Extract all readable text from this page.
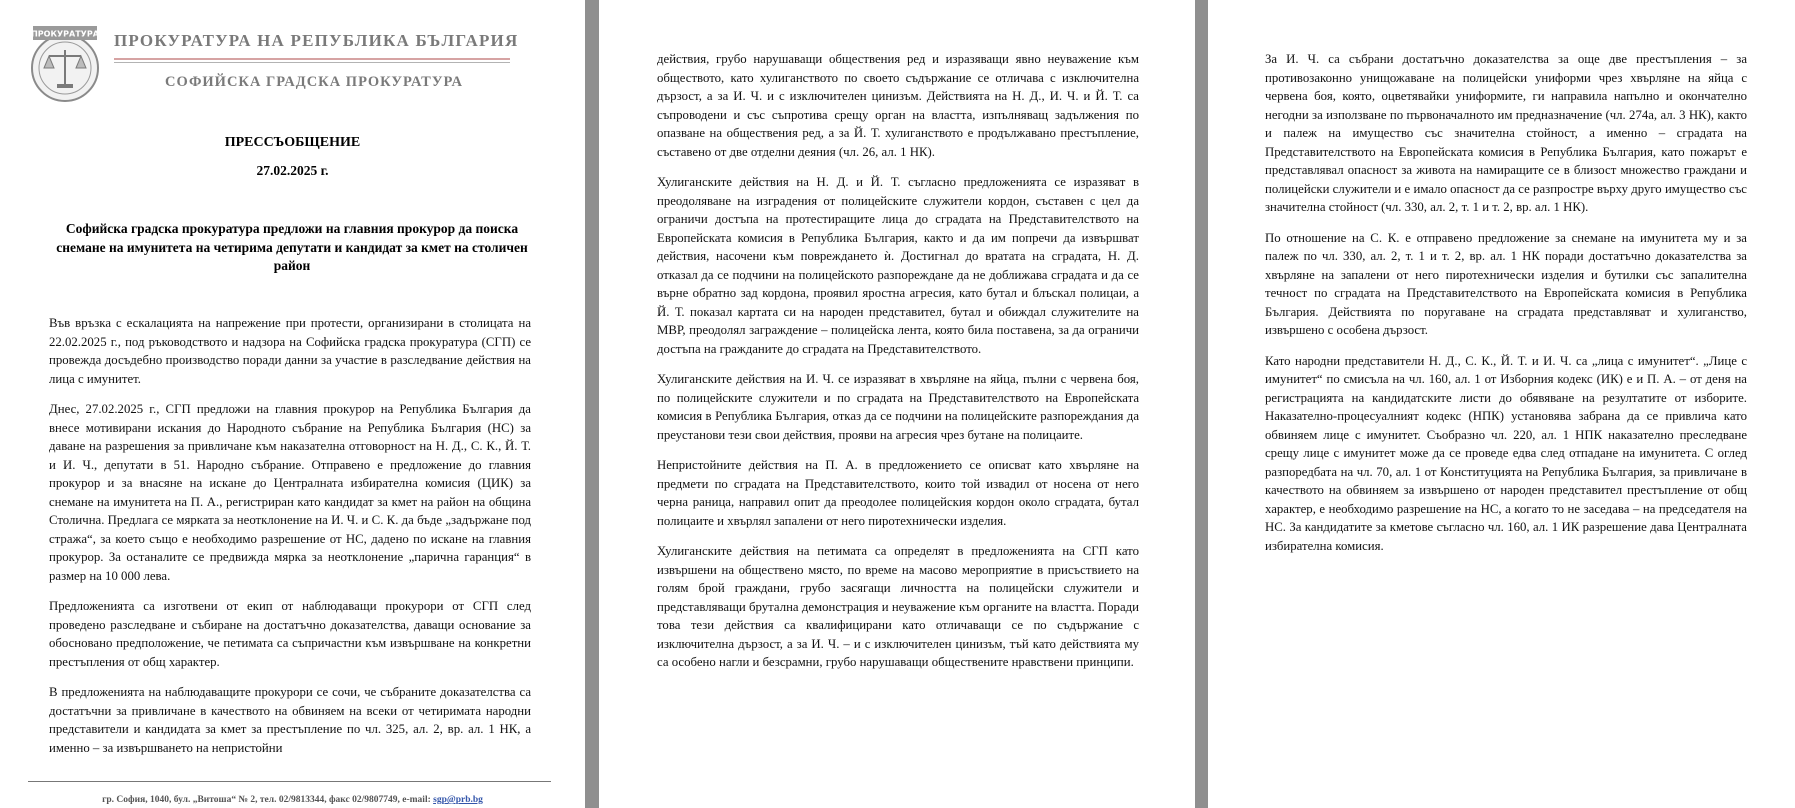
ПРОКУРАТУРА ПРОКУРАТУРА НА РЕПУБЛИКА БЪЛГАРИЯ
СОФИЙСКА ГРАДСКА ПРОКУРАТУРА
ПРЕССЪОБЩЕНИЕ
27.02.2025 г.
Софийска градска прокуратура предложи на главния прокурор да поиска снемане на имунитета на четирима депутати и кандидат за кмет на столичен район

Във връзка с ескалацията на напрежение при протести, организирани в столицата на 22.02.2025 г., под ръководството и надзора на Софийска градска прокуратура (СГП) се провежда досъдебно производство поради данни за участие в разследвание действия на лица с имунитет.

Днес, 27.02.2025 г., СГП предложи на главния прокурор на Република България да внесе мотивирани искания до Народното събрание на Република България (НС) за даване на разрешения за привличане към наказателна отговорност на Н. Д., С. К., Й. Т. и И. Ч., депутати в 51. Народно събрание. Отправено е предложение до главния прокурор и за внасяне на искане до Централната избирателна комисия (ЦИК) за снемане на имунитета на П. А., регистриран като кандидат за кмет на район на община Столична. Предлага се мярката за неотклонение на И. Ч. и С. К. да бъде „задържане под стража“, за което също е необходимо разрешение от НС, дадено по искане на главния прокурор. За останалите се предвижда мярка за неотклонение „парична гаранция“ в размер на 10 000 лева.

Предложенията са изготвени от екип от наблюдаващи прокурори от СГП след проведено разследване и събиране на достатъчно доказателства, даващи основание за обосновано предположение, че петимата са съпричастни към извършване на конкретни престъпления от общ характер.

В предложенията на наблюдаващите прокурори се сочи, че събраните доказателства са достатъчни за привличане в качеството на обвиняем на всеки от четиримата народни представители и кандидата за кмет за престъпление по чл. 325, ал. 2, вр. ал. 1 НК, а именно – за извършването на непристойни

гр. София, 1040, бул. „Витоша“ № 2, тел. 02/9813344, факс 02/9807749, e-mail: sgp@prb.bg

действия, грубо нарушаващи обществения ред и изразяващи явно неуважение към обществото, като хулиганството по своето съдържание се отличава с изключителна дързост, а за И. Ч. и с изключителен цинизъм. Действията на Н. Д., И. Ч. и Й. Т. са съпроводени и със съпротива срещу орган на властта, изпълняващ задължения по опазване на обществения ред, а за Й. Т. хулиганството е продължавано престъпление, съставено от две отделни деяния (чл. 26, ал. 1 НК).

Хулиганските действия на Н. Д. и Й. Т. съгласно предложенията се изразяват в преодоляване на изградения от полицейските служители кордон, съставен с цел да ограничи достъпа на протестиращите лица до сградата на Представителството на Европейската комисия в Република България, както и да им попречи да извършват действия, насочени към повреждането ѝ. Достигнал до вратата на сградата, Н. Д. отказал да се подчини на полицейското разпореждане да не доближава сградата и да се върне обратно зад кордона, проявил яростна агресия, като бутал и блъскал полицаи, а Й. Т. показал картата си на народен представител, бутал и обиждал служителите на МВР, преодолял заграждение – полицейска лента, която била поставена, за да ограничи достъпа на гражданите до сградата на Представителството.

Хулиганските действия на И. Ч. се изразяват в хвърляне на яйца, пълни с червена боя, по полицейските служители и по сградата на Представителството на Европейската комисия в Република България, отказ да се подчини на полицейските разпореждания да преустанови тези свои действия, прояви на агресия чрез бутане на полицаите.

Непристойните действия на П. А. в предложението се описват като хвърляне на предмети по сградата на Представителството, които той извадил от носена от него черна раница, направил опит да преодолее полицейския кордон около сградата, бутал полицаите и хвърлял запалени от него пиротехнически изделия.

Хулиганските действия на петимата са определят в предложенията на СГП като извършени на обществено място, по време на масово мероприятие в присъствието на голям брой граждани, грубо засягащи личността на полицейски служители и представляващи брутална демонстрация и неуважение към органите на властта. Поради това тези действия са квалифицирани като отличаващи се по съдържание с изключителна дързост, а за И. Ч. – и с изключителен цинизъм, тъй като действията му са особено нагли и безсрамни, грубо нарушаващи обществените нравствени принципи.

За И. Ч. са събрани достатъчно доказателства за още две престъпления – за противозаконно унищожаване на полицейски униформи чрез хвърляне на яйца с червена боя, която, оцветявайки униформите, ги направила напълно и окончателно негодни за използване по първоначалното им предназначение (чл. 274а, ал. 3 НК), както и палеж на имущество със значителна стойност, а именно – сградата на Представителството на Европейската комисия в Република България, като пожарът е представлявал опасност за живота на намиращите се в близост множество граждани и полицейски служители и е имало опасност да се разпростре върху друго имущество със значителна стойност (чл. 330, ал. 2, т. 1 и т. 2, вр. ал. 1 НК).

По отношение на С. К. е отправено предложение за снемане на имунитета му и за палеж по чл. 330, ал. 2, т. 1 и т. 2, вр. ал. 1 НК поради достатъчно доказателства за хвърляне на запалени от него пиротехнически изделия и бутилки със запалителна течност по сградата на Представителството на Европейската комисия в Република България. Действията по поругаване на сградата представляват и хулиганство, извършено с особена дързост.

Като народни представители Н. Д., С. К., Й. Т. и И. Ч. са „лица с имунитет“. „Лице с имунитет“ по смисъла на чл. 160, ал. 1 от Изборния кодекс (ИК) е и П. А. – от деня на регистрацията на кандидатските листи до обявяване на резултатите от изборите. Наказателно-процесуалният кодекс (НПК) установява забрана да се привлича като обвиняем лице с имунитет. Съобразно чл. 220, ал. 1 НПК наказателно преследване срещу лице с имунитет може да се проведе едва след отпадане на имунитета. С оглед разпоредбата на чл. 70, ал. 1 от Конституцията на Република България, за привличане в качеството на обвиняем за извършено от народен представител престъпление от общ характер, е необходимо разрешение на НС, а когато то не заседава – на председателя на НС. За кандидатите за кметове съгласно чл. 160, ал. 1 ИК разрешение дава Централната избирателна комисия.
